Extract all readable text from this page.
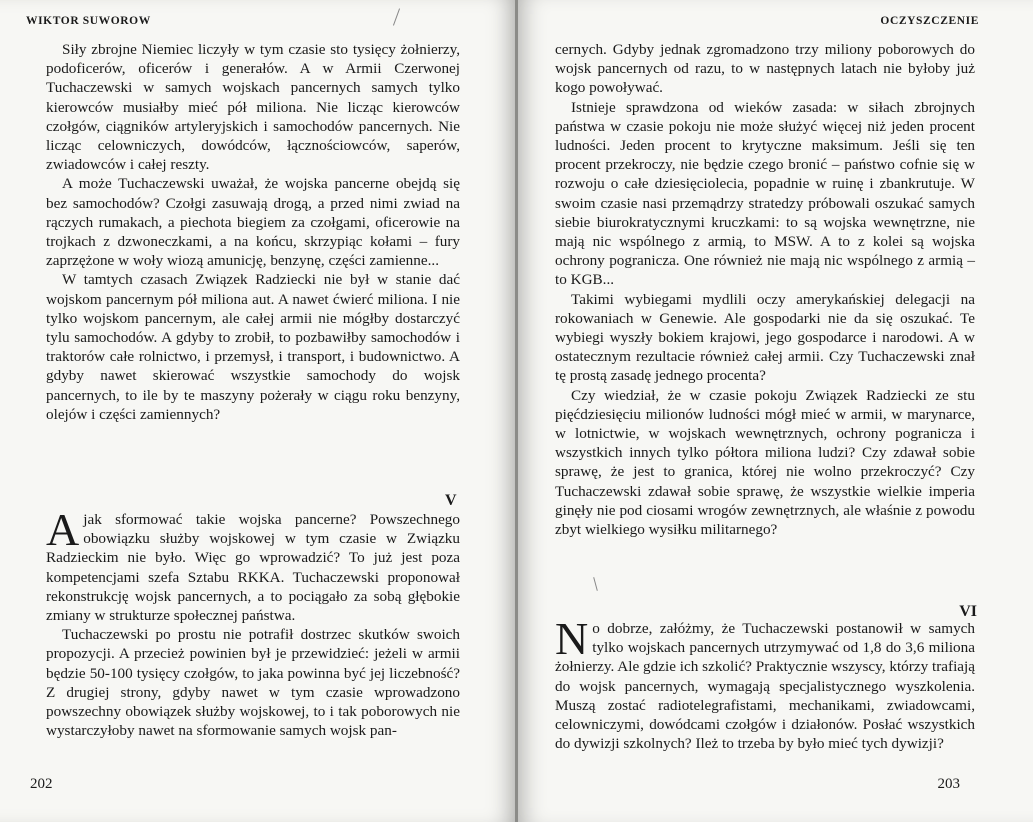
WIKTOR SUWOROW

Siły zbrojne Niemiec liczyły w tym czasie sto tysięcy żołnierzy, podoficerów, oficerów i generałów. A w Armii Czerwonej Tuchaczewski w samych wojskach pancernych samych tylko kierowców musiałby mieć pół miliona. Nie licząc kierowców czołgów, ciągników artyleryjskich i samochodów pancernych. Nie licząc celowniczych, dowódców, łącznościowców, saperów, zwiadowców i całej reszty.

A może Tuchaczewski uważał, że wojska pancerne obejdą się bez samochodów? Czołgi zasuwają drogą, a przed nimi zwiad na rączych rumakach, a piechota biegiem za czołgami, oficerowie na trojkach z dzwoneczkami, a na końcu, skrzypiąc kołami – fury zaprzężone w woły wiozą amunicję, benzynę, części zamienne...

W tamtych czasach Związek Radziecki nie był w stanie dać wojskom pancernym pół miliona aut. A nawet ćwierć miliona. I nie tylko wojskom pancernym, ale całej armii nie mógłby dostarczyć tylu samochodów. A gdyby to zrobił, to pozbawiłby samochodów i traktorów całe rolnictwo, i przemysł, i transport, i budownictwo. A gdyby nawet skierować wszystkie samochody do wojsk pancernych, to ile by te maszyny pożerały w ciągu roku benzyny, olejów i części zamiennych?

V

A jak sformować takie wojska pancerne? Powszechnego obowiązku służby wojskowej w tym czasie w Związku Radzieckim nie było. Więc go wprowadzić? To już jest poza kompetencjami szefa Sztabu RKKA. Tuchaczewski proponował rekonstrukcję wojsk pancernych, a to pociągało za sobą głębokie zmiany w strukturze społecznej państwa.

Tuchaczewski po prostu nie potrafił dostrzec skutków swoich propozycji. A przecież powinien był je przewidzieć: jeżeli w armii będzie 50-100 tysięcy czołgów, to jaka powinna być jej liczebność? Z drugiej strony, gdyby nawet w tym czasie wprowadzono powszechny obowiązek służby wojskowej, to i tak poborowych nie wystarczyłoby nawet na sformowanie samych wojsk pan-

202
OCZYSZCZENIE

cernych. Gdyby jednak zgromadzono trzy miliony poborowych do wojsk pancernych od razu, to w następnych latach nie byłoby już kogo powoływać.

Istnieje sprawdzona od wieków zasada: w siłach zbrojnych państwa w czasie pokoju nie może służyć więcej niż jeden procent ludności. Jeden procent to krytyczne maksimum. Jeśli się ten procent przekroczy, nie będzie czego bronić – państwo cofnie się w rozwoju o całe dziesięciolecia, popadnie w ruinę i zbankrutuje. W swoim czasie nasi przemądrzy stratedzy próbowali oszukać samych siebie biurokratycznymi kruczkami: to są wojska wewnętrzne, nie mają nic wspólnego z armią, to MSW. A to z kolei są wojska ochrony pogranicza. One również nie mają nic wspólnego z armią – to KGB...

Takimi wybiegami mydlili oczy amerykańskiej delegacji na rokowaniach w Genewie. Ale gospodarki nie da się oszukać. Te wybiegi wyszły bokiem krajowi, jego gospodarce i narodowi. A w ostatecznym rezultacie również całej armii. Czy Tuchaczewski znał tę prostą zasadę jednego procenta?

Czy wiedział, że w czasie pokoju Związek Radziecki ze stu pięćdziesięciu milionów ludności mógł mieć w armii, w marynarce, w lotnictwie, w wojskach wewnętrznych, ochrony pogranicza i wszystkich innych tylko półtora miliona ludzi? Czy zdawał sobie sprawę, że jest to granica, której nie wolno przekroczyć? Czy Tuchaczewski zdawał sobie sprawę, że wszystkie wielkie imperia ginęły nie pod ciosami wrogów zewnętrznych, ale właśnie z powodu zbyt wielkiego wysiłku militarnego?

VI

No dobrze, załóżmy, że Tuchaczewski postanowił w samych tylko wojskach pancernych utrzymywać od 1,8 do 3,6 miliona żołnierzy. Ale gdzie ich szkolić? Praktycznie wszyscy, którzy trafiają do wojsk pancernych, wymagają specjalistycznego wyszkolenia. Muszą zostać radiotelegrafistami, mechanikami, zwiadowcami, celowniczymi, dowódcami czołgów i działonów. Posłać wszystkich do dywizji szkolnych? Ileż to trzeba by było mieć tych dywizji?

203
